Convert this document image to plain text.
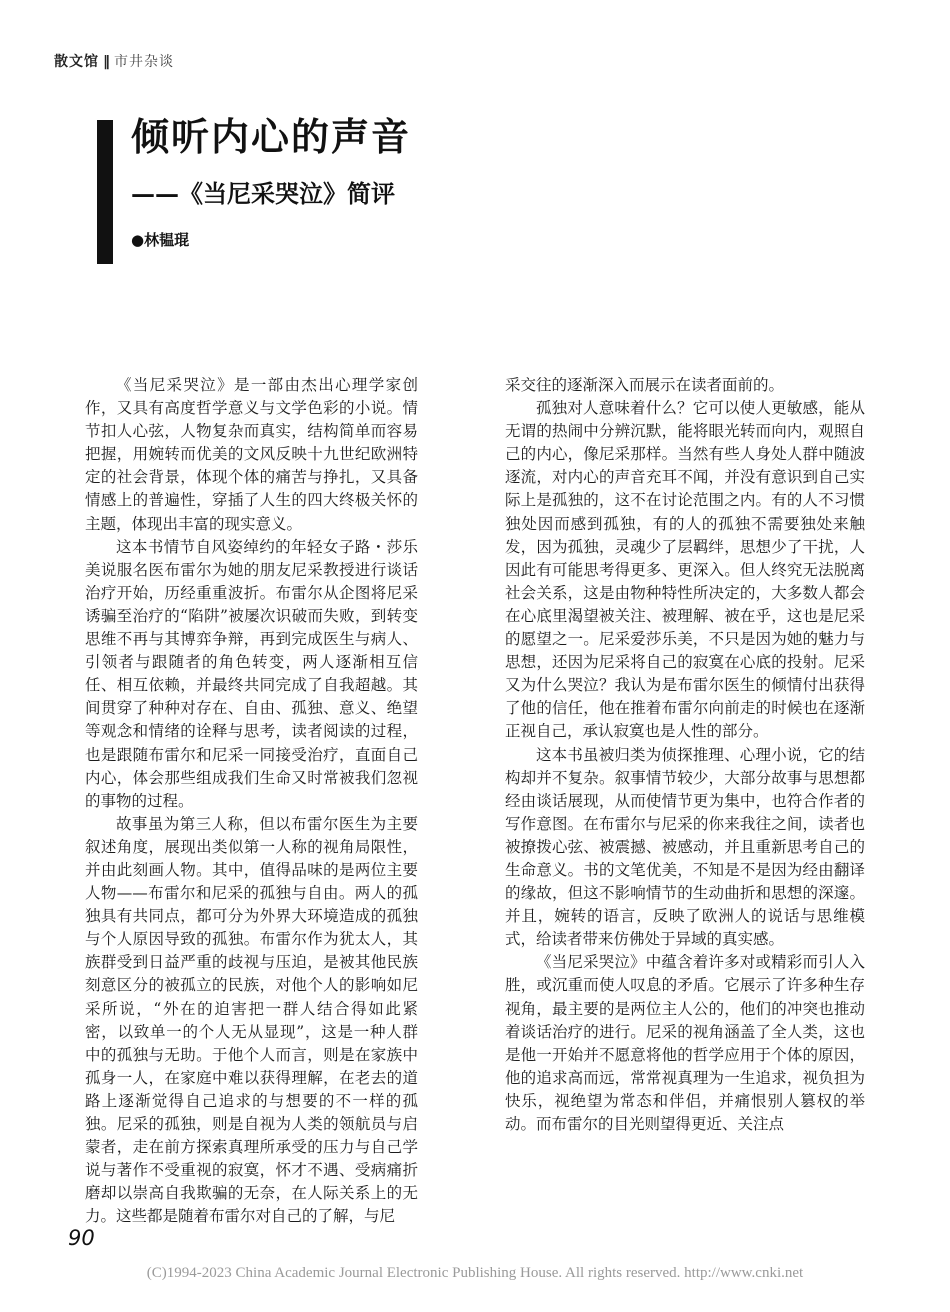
散文馆 ‖ 市井杂谈
倾听内心的声音
——《当尼采哭泣》简评
●林韫琨

《当尼采哭泣》是一部由杰出心理学家创作，又具有高度哲学意义与文学色彩的小说。情节扣人心弦，人物复杂而真实，结构简单而容易把握，用婉转而优美的文风反映十九世纪欧洲特定的社会背景，体现个体的痛苦与挣扎，又具备情感上的普遍性，穿插了人生的四大终极关怀的主题，体现出丰富的现实意义。

这本书情节自风姿绰约的年轻女子路・莎乐美说服名医布雷尔为她的朋友尼采教授进行谈话治疗开始，历经重重波折。布雷尔从企图将尼采诱骗至治疗的“陷阱”被屡次识破而失败，到转变思维不再与其博弈争辩，再到完成医生与病人、引领者与跟随者的角色转变，两人逐渐相互信任、相互依赖，并最终共同完成了自我超越。其间贯穿了种种对存在、自由、孤独、意义、绝望等观念和情绪的诠释与思考，读者阅读的过程，也是跟随布雷尔和尼采一同接受治疗，直面自己内心，体会那些组成我们生命又时常被我们忽视的事物的过程。

故事虽为第三人称，但以布雷尔医生为主要叙述角度，展现出类似第一人称的视角局限性，并由此刻画人物。其中，值得品味的是两位主要人物——布雷尔和尼采的孤独与自由。两人的孤独具有共同点，都可分为外界大环境造成的孤独与个人原因导致的孤独。布雷尔作为犹太人，其族群受到日益严重的歧视与压迫，是被其他民族刻意区分的被孤立的民族，对他个人的影响如尼采所说，“外在的迫害把一群人结合得如此紧密，以致单一的个人无从显现”，这是一种人群中的孤独与无助。于他个人而言，则是在家族中孤身一人，在家庭中难以获得理解，在老去的道路上逐渐觉得自己追求的与想要的不一样的孤独。尼采的孤独，则是自视为人类的领航员与启蒙者，走在前方探索真理所承受的压力与自己学说与著作不受重视的寂寞，怀才不遇、受病痛折磨却以崇高自我欺骗的无奈，在人际关系上的无力。这些都是随着布雷尔对自己的了解，与尼

采交往的逐渐深入而展示在读者面前的。

孤独对人意味着什么？它可以使人更敏感，能从无谓的热闹中分辨沉默，能将眼光转而向内，观照自己的内心，像尼采那样。当然有些人身处人群中随波逐流，对内心的声音充耳不闻，并没有意识到自己实际上是孤独的，这不在讨论范围之内。有的人不习惯独处因而感到孤独，有的人的孤独不需要独处来触发，因为孤独，灵魂少了层羁绊，思想少了干扰，人因此有可能思考得更多、更深入。但人终究无法脱离社会关系，这是由物种特性所决定的，大多数人都会在心底里渴望被关注、被理解、被在乎，这也是尼采的愿望之一。尼采爱莎乐美，不只是因为她的魅力与思想，还因为尼采将自己的寂寞在心底的投射。尼采又为什么哭泣？我认为是布雷尔医生的倾情付出获得了他的信任，他在推着布雷尔向前走的时候也在逐渐正视自己，承认寂寞也是人性的部分。

这本书虽被归类为侦探推理、心理小说，它的结构却并不复杂。叙事情节较少，大部分故事与思想都经由谈话展现，从而使情节更为集中，也符合作者的写作意图。在布雷尔与尼采的你来我往之间，读者也被撩拨心弦、被震撼、被感动，并且重新思考自己的生命意义。书的文笔优美，不知是不是因为经由翻译的缘故，但这不影响情节的生动曲折和思想的深邃。并且，婉转的语言，反映了欧洲人的说话与思维模式，给读者带来仿佛处于异域的真实感。

《当尼采哭泣》中蕴含着许多对或精彩而引人入胜，或沉重而使人叹息的矛盾。它展示了许多种生存视角，最主要的是两位主人公的，他们的冲突也推动着谈话治疗的进行。尼采的视角涵盖了全人类，这也是他一开始并不愿意将他的哲学应用于个体的原因，他的追求高而远，常常视真理为一生追求，视负担为快乐，视绝望为常态和伴侣，并痛恨别人篡权的举动。而布雷尔的目光则望得更近、关注点

90
(C)1994-2023 China Academic Journal Electronic Publishing House. All rights reserved. http://www.cnki.net
